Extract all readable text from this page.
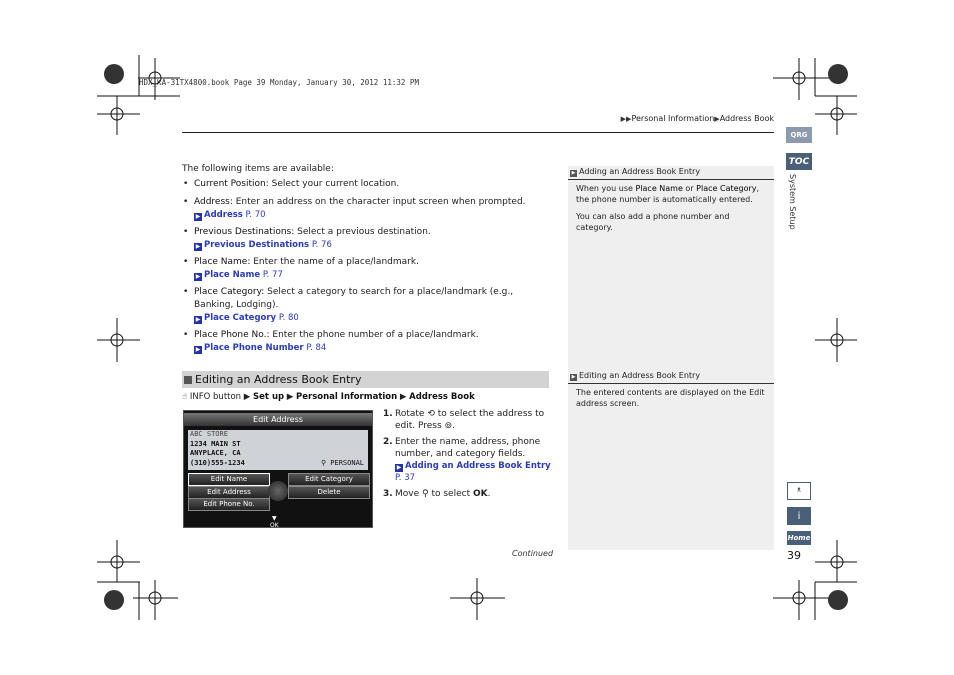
HDX_KA-31TX4800.book Page 39 Monday, January 30, 2012 11:32 PM
▶▶Personal Information▶Address Book
QRG
TOC
System Setup
ᵜ
i
Home
39
The following items are available:
• Current Position: Select your current location.
• Address: Enter an address on the character input screen when prompted.
▶ Address P. 70
• Previous Destinations: Select a previous destination.
▶ Previous Destinations P. 76
• Place Name: Enter the name of a place/landmark.
▶ Place Name P. 77
• Place Category: Select a category to search for a place/landmark (e.g., Banking, Lodging).
▶ Place Category P. 80
• Place Phone No.: Enter the phone number of a place/landmark.
▶ Place Phone Number P. 84
Editing an Address Book Entry
☝ INFO button ▶ Set up ▶ Personal Information ▶ Address Book
Edit Address
ABC STORE
1234 MAIN ST
ANYPLACE, CA
(310)555-1234	⚲ PERSONAL
Edit Name	Edit Category
Edit Address	Delete
Edit Phone No.
▼
OK
1. Rotate ⟲ to select the address to edit. Press ⊚.
2. Enter the name, address, phone number, and category fields.
▶ Adding an Address Book Entry
P. 37
3. Move ⚲ to select OK.
Continued
▶ Adding an Address Book Entry

When you use Place Name or Place Category, the phone number is automatically entered.

You can also add a phone number and category.

▶ Editing an Address Book Entry

The entered contents are displayed on the Edit address screen.
